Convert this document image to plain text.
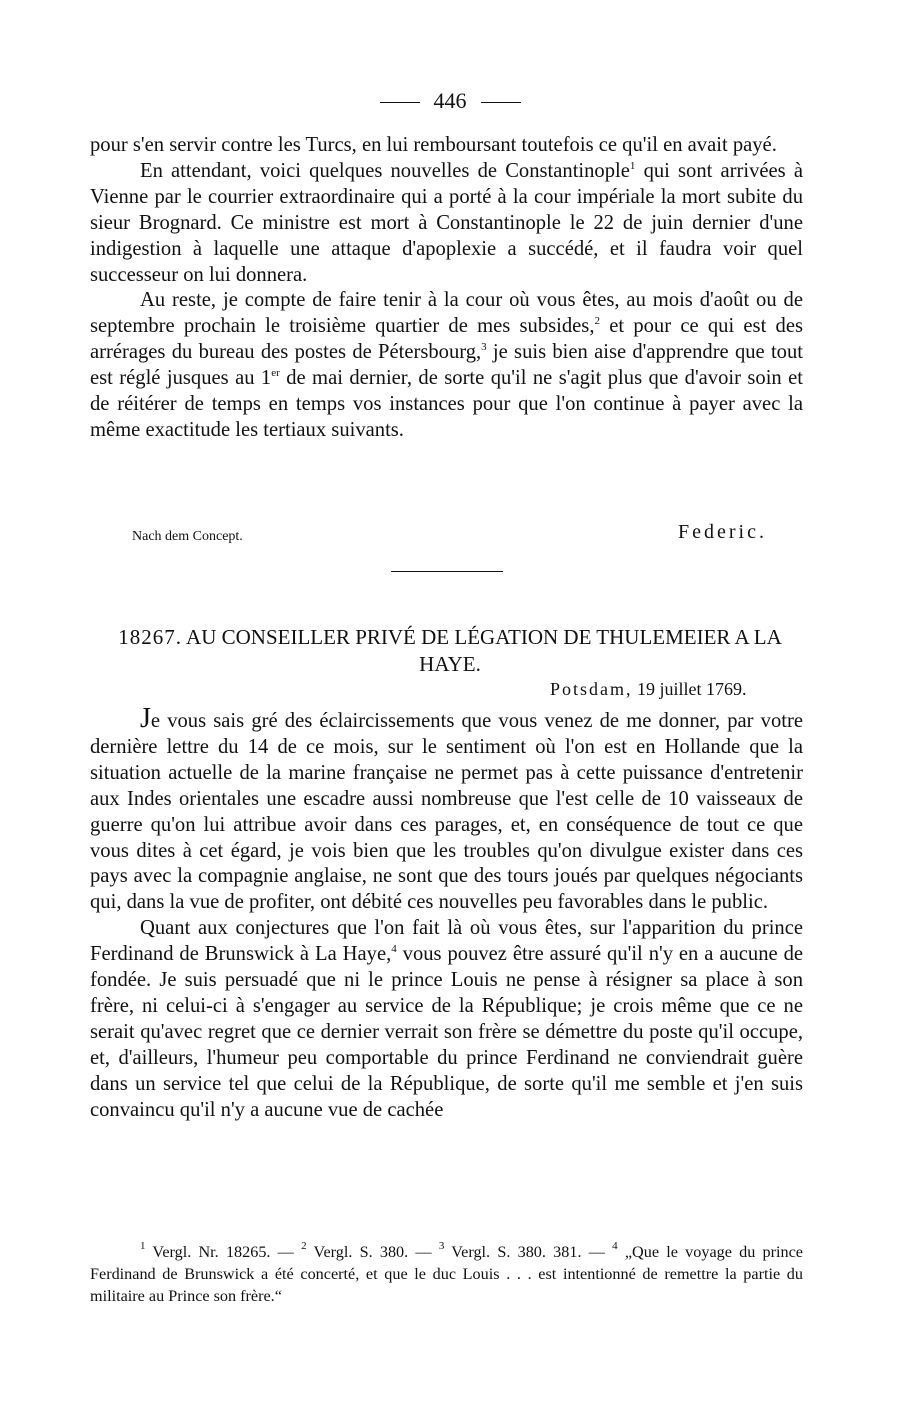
446

pour s'en servir contre les Turcs, en lui remboursant toutefois ce qu'il en avait payé.

En attendant, voici quelques nouvelles de Constantinople$^1$ qui sont arrivées à Vienne par le courrier extraordinaire qui a porté à la cour impériale la mort subite du sieur Brognard. Ce ministre est mort à Constantinople le 22 de juin dernier d'une indigestion à laquelle une attaque d'apoplexie a succédé, et il faudra voir quel successeur on lui donnera.

Au reste, je compte de faire tenir à la cour où vous êtes, au mois d'août ou de septembre prochain le troisième quartier de mes subsides,$^2$ et pour ce qui est des arrérages du bureau des postes de Pétersbourg,$^3$ je suis bien aise d'apprendre que tout est réglé jusques au 1er de mai dernier, de sorte qu'il ne s'agit plus que d'avoir soin et de réitérer de temps en temps vos instances pour que l'on continue à payer avec la même exactitude les tertiaux suivants.

Nach dem Concept.	Federic.
18267. AU CONSEILLER PRIVÉ DE LÉGATION DE THULEMEIER A LA HAYE.
Potsdam, 19 juillet 1769.

Je vous sais gré des éclaircissements que vous venez de me donner, par votre dernière lettre du 14 de ce mois, sur le sentiment où l'on est en Hollande que la situation actuelle de la marine française ne permet pas à cette puissance d'entretenir aux Indes orientales une escadre aussi nombreuse que l'est celle de 10 vaisseaux de guerre qu'on lui attribue avoir dans ces parages, et, en conséquence de tout ce que vous dites à cet égard, je vois bien que les troubles qu'on divulgue exister dans ces pays avec la compagnie anglaise, ne sont que des tours joués par quelques négociants qui, dans la vue de profiter, ont débité ces nouvelles peu favorables dans le public.

Quant aux conjectures que l'on fait là où vous êtes, sur l'apparition du prince Ferdinand de Brunswick à La Haye,$^4$ vous pouvez être assuré qu'il n'y en a aucune de fondée. Je suis persuadé que ni le prince Louis ne pense à résigner sa place à son frère, ni celui-ci à s'engager au service de la République; je crois même que ce ne serait qu'avec regret que ce dernier verrait son frère se démettre du poste qu'il occupe, et, d'ailleurs, l'humeur peu comportable du prince Ferdinand ne conviendrait guère dans un service tel que celui de la République, de sorte qu'il me semble et j'en suis convaincu qu'il n'y a aucune vue de cachée

$^1$ Vergl. Nr. 18265. — $^2$ Vergl. S. 380. — $^3$ Vergl. S. 380. 381. — $^4$ „Que le voyage du prince Ferdinand de Brunswick a été concerté, et que le duc Louis . . . est intentionné de remettre la partie du militaire au Prince son frère.“
